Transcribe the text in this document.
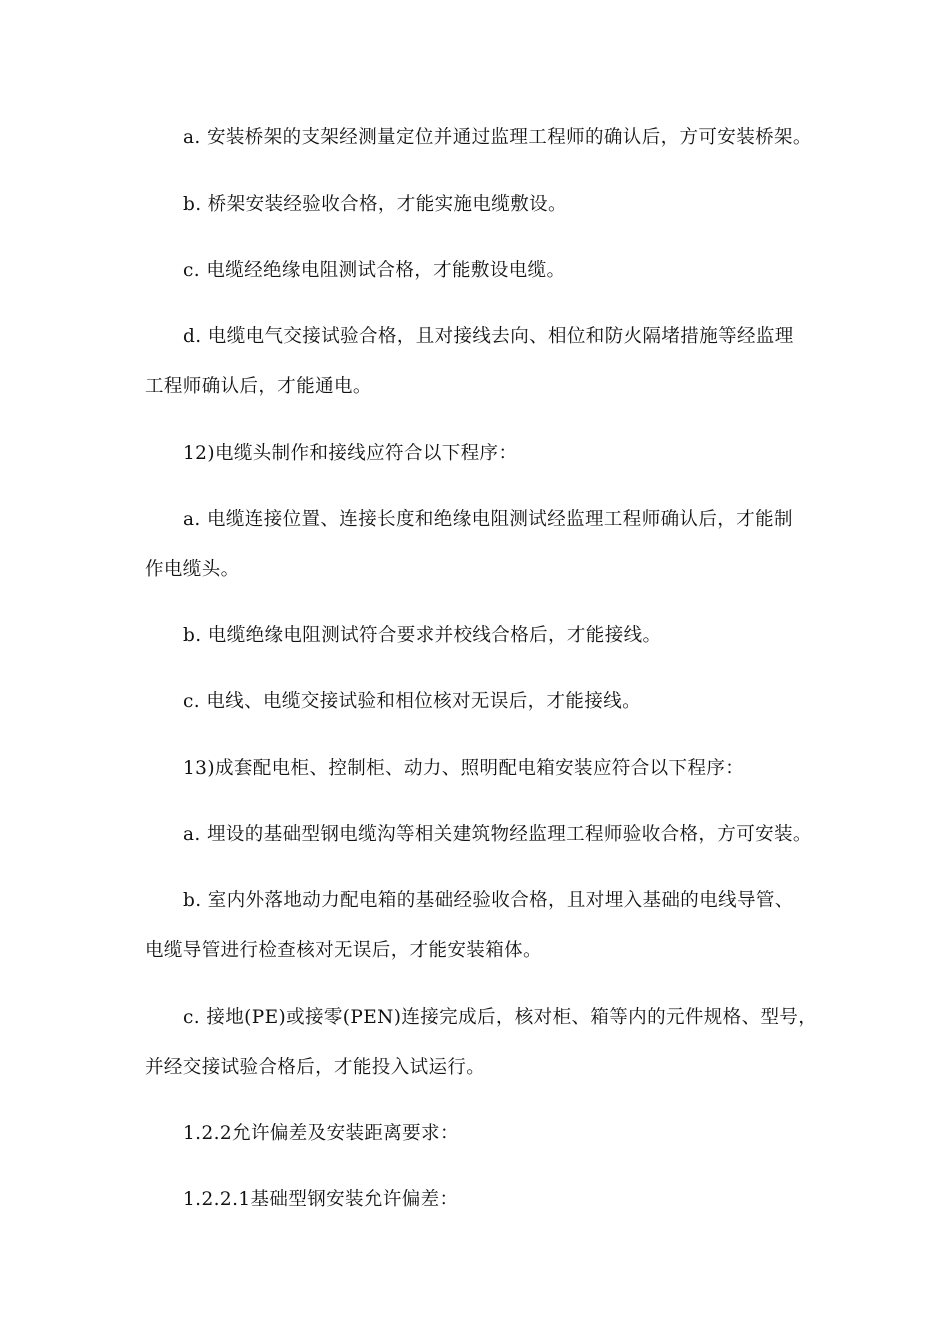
a. 安装桥架的支架经测量定位并通过监理工程师的确认后，方可安装桥架。
b. 桥架安装经验收合格，才能实施电缆敷设。
c. 电缆经绝缘电阻测试合格，才能敷设电缆。
d. 电缆电气交接试验合格，且对接线去向、相位和防火隔堵措施等经监理
工程师确认后，才能通电。
12)电缆头制作和接线应符合以下程序：
a. 电缆连接位置、连接长度和绝缘电阻测试经监理工程师确认后，才能制
作电缆头。
b. 电缆绝缘电阻测试符合要求并校线合格后，才能接线。
c. 电线、电缆交接试验和相位核对无误后，才能接线。
13)成套配电柜、控制柜、动力、照明配电箱安装应符合以下程序：
a. 埋设的基础型钢电缆沟等相关建筑物经监理工程师验收合格，方可安装。
b. 室内外落地动力配电箱的基础经验收合格，且对埋入基础的电线导管、
电缆导管进行检查核对无误后，才能安装箱体。
c. 接地(PE)或接零(PEN)连接完成后，核对柜、箱等内的元件规格、型号，
并经交接试验合格后，才能投入试运行。
1.2.2允许偏差及安装距离要求：
1.2.2.1基础型钢安装允许偏差：
